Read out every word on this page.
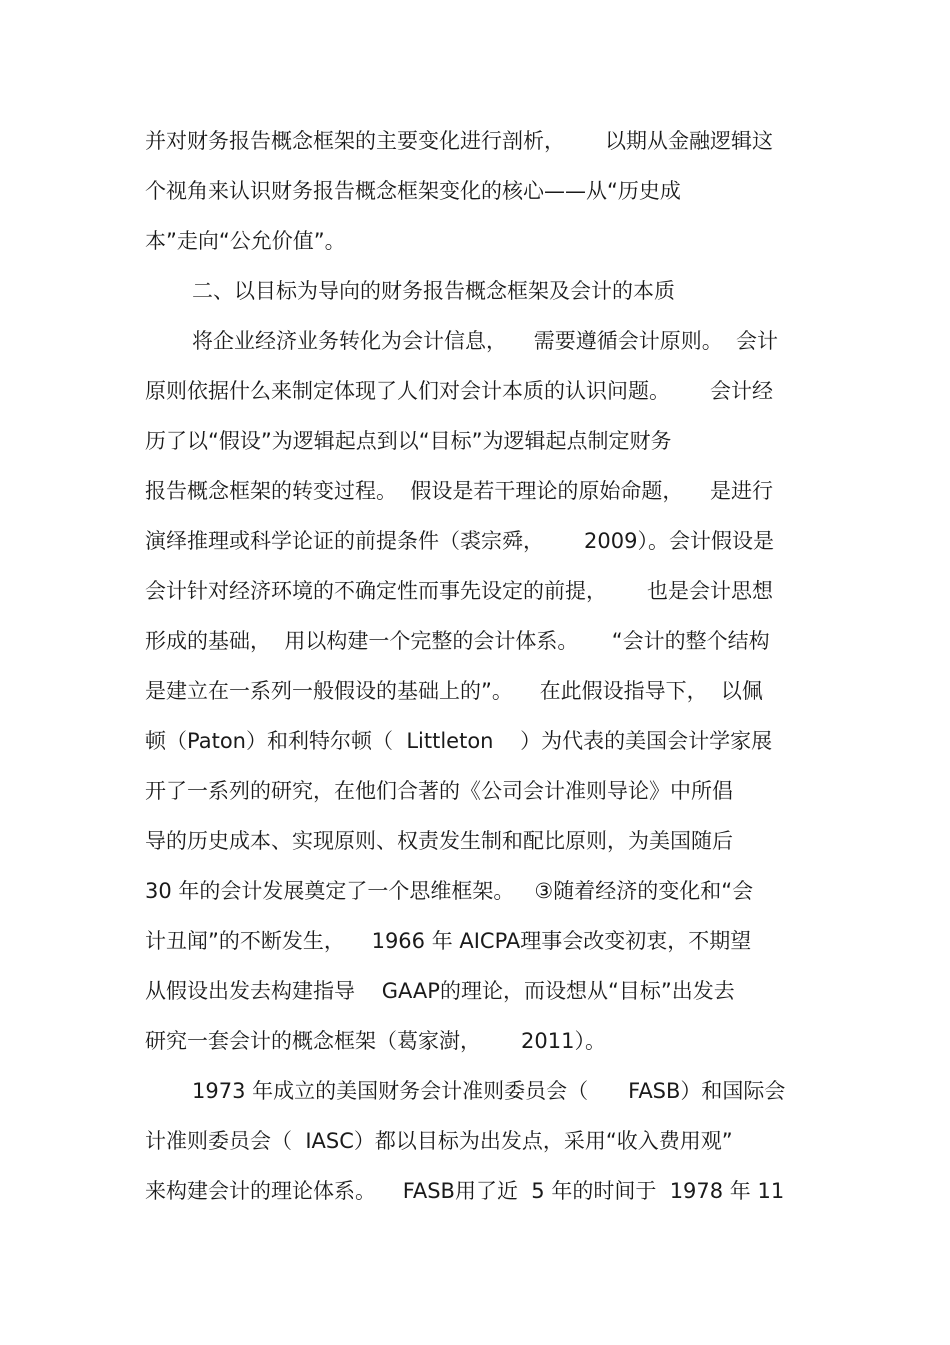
并对财务报告概念框架的主要变化进行剖析，      以期从金融逻辑这
个视角来认识财务报告概念框架变化的核心——从“历史成
本”走向“公允价值”。
二、以目标为导向的财务报告概念框架及会计的本质
将企业经济业务转化为会计信息，    需要遵循会计原则。  会计
原则依据什么来制定体现了人们对会计本质的认识问题。      会计经
历了以“假设”为逻辑起点到以“目标”为逻辑起点制定财务
报告概念框架的转变过程。  假设是若干理论的原始命题，    是进行
演绎推理或科学论证的前提条件（裘宗舜，      2009）。会计假设是
会计针对经济环境的不确定性而事先设定的前提，      也是会计思想
形成的基础，  用以构建一个完整的会计体系。     “会计的整个结构
是建立在一系列一般假设的基础上的”。    在此假设指导下，  以佩
顿（Paton）和利特尔顿（  Littleton    ）为代表的美国会计学家展
开了一系列的研究，在他们合著的《公司会计准则导论》中所倡
导的历史成本、实现原则、权责发生制和配比原则，为美国随后
30 年的会计发展奠定了一个思维框架。   ③随着经济的变化和“会
计丑闻”的不断发生，    1966 年 AICPA理事会改变初衷，不期望
从假设出发去构建指导    GAAP的理论，而设想从“目标”出发去
研究一套会计的概念框架（葛家澍，      2011）。
1973 年成立的美国财务会计准则委员会（      FASB）和国际会
计准则委员会（  IASC）都以目标为出发点，采用“收入费用观”
来构建会计的理论体系。    FASB用了近  5 年的时间于  1978 年 11
